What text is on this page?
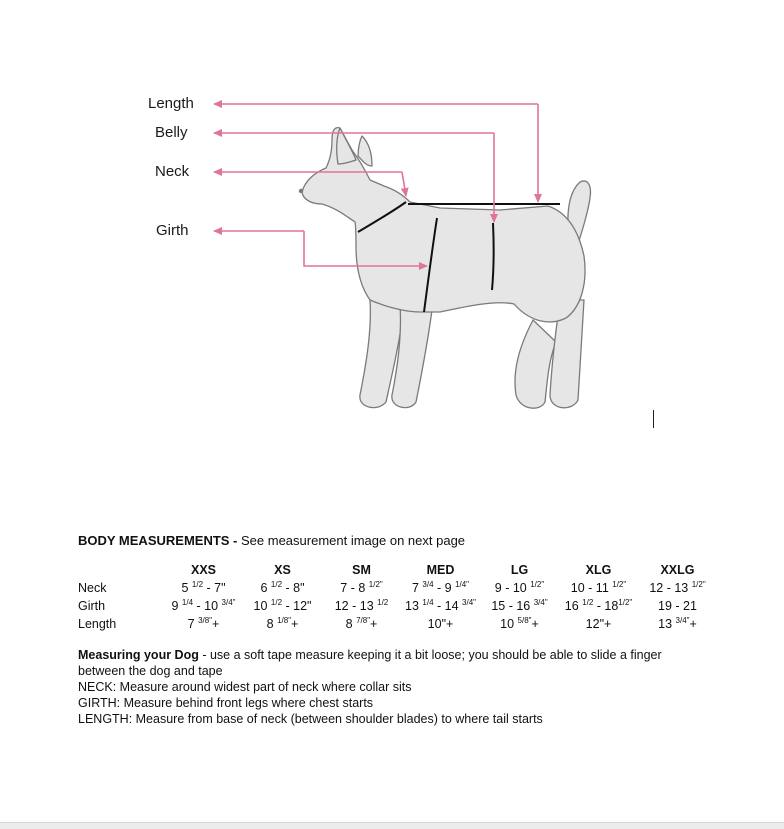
Length
Belly
Neck
Girth

BODY MEASUREMENTS - See measurement image on next page

	XXS	XS	SM	MED	LG	XLG	XXLG
Neck	5 $^{1/2}$ - 7"	6 $^{1/2}$ - 8"	7 - 8 $^{1/2"}$	7 $^{3/4}$ - 9 $^{1/4"}$	9 - 10 $^{1/2"}$	10 - 11 $^{1/2"}$	12 - 13 $^{1/2"}$
Girth	9 $^{1/4}$ - 10 $^{3/4"}$	10 $^{1/2}$ - 12"	12 - 13 $^{1/2}$	13 $^{1/4}$ - 14 $^{3/4"}$	15 - 16 $^{3/4"}$	16 $^{1/2} - 18^{1/2"}$	19 - 21
Length	7 $^{3/8"}$+	8 $^{1/8"}$+	8 $^{7/8"}$+	10"+	10 $^{5/8"}$+	12"+	13 $^{3/4"}$+

Measuring your Dog - use a soft tape measure keeping it a bit loose; you should be able to slide a finger between the dog and tape

NECK: Measure around widest part of neck where collar sits

GIRTH: Measure behind front legs where chest starts

LENGTH: Measure from base of neck (between shoulder blades) to where tail starts
